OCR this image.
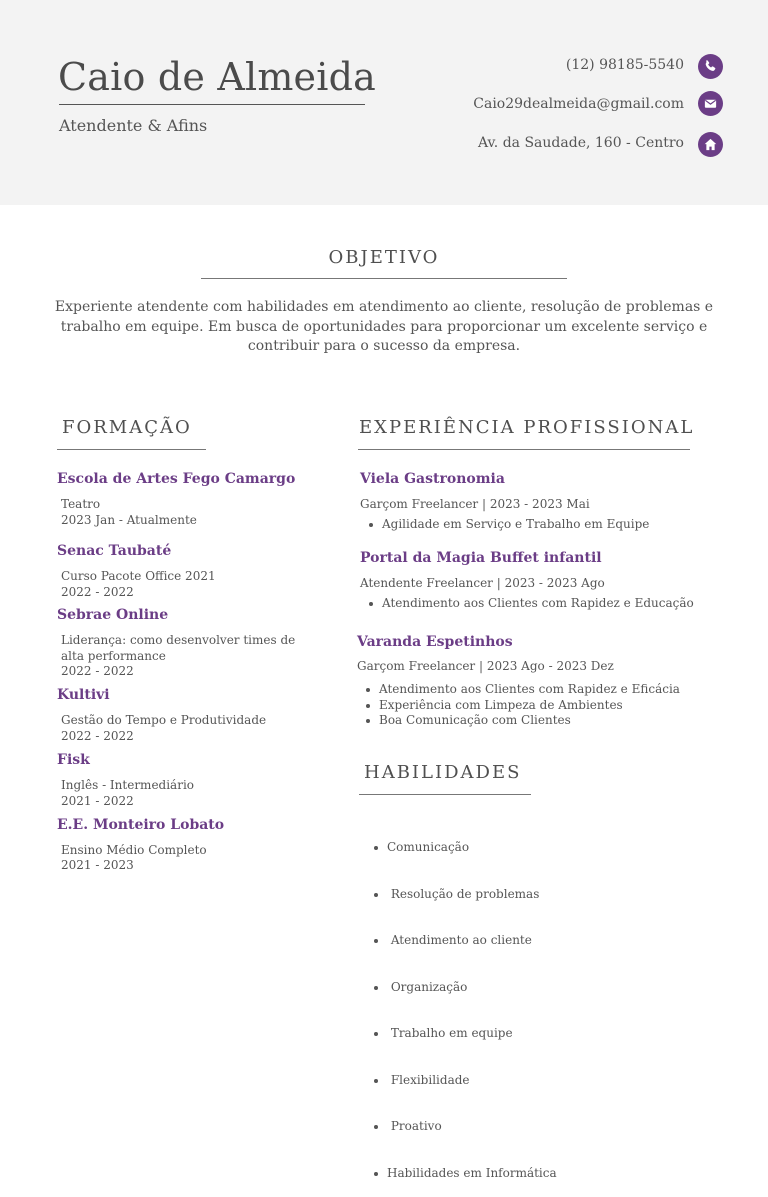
Caio de Almeida
Atendente & Afins
(12) 98185-5540
Caio29dealmeida@gmail.com
Av. da Saudade, 160 - Centro
OBJETIVO
Experiente atendente com habilidades em atendimento ao cliente, resolução de problemas e trabalho em equipe. Em busca de oportunidades para proporcionar um excelente serviço e contribuir para o sucesso da empresa.
FORMAÇÃO
Escola de Artes Fego Camargo
Teatro
2023 Jan - Atualmente
Senac Taubaté
Curso Pacote Office 2021
2022 - 2022
Sebrae Online
Liderança: como desenvolver times de alta performance
2022 - 2022
Kultivi
Gestão do Tempo e Produtividade
2022 - 2022
Fisk
Inglês - Intermediário
2021 - 2022
E.E. Monteiro Lobato
Ensino Médio Completo
2021 - 2023
EXPERIÊNCIA PROFISSIONAL
Viela Gastronomia
Garçom Freelancer | 2023 - 2023 Mai
Agilidade em Serviço e Trabalho em Equipe
Portal da Magia Buffet infantil
Atendente Freelancer | 2023 - 2023 Ago
Atendimento aos Clientes com Rapidez e Educação
Varanda Espetinhos
Garçom Freelancer | 2023 Ago - 2023 Dez
Atendimento aos Clientes com Rapidez e Eficácia
Experiência com Limpeza de Ambientes
Boa Comunicação com Clientes
HABILIDADES

Comunicação

Resolução de problemas

Atendimento ao cliente

Organização

Trabalho em equipe

Flexibilidade

Proativo

Habilidades em Informática
